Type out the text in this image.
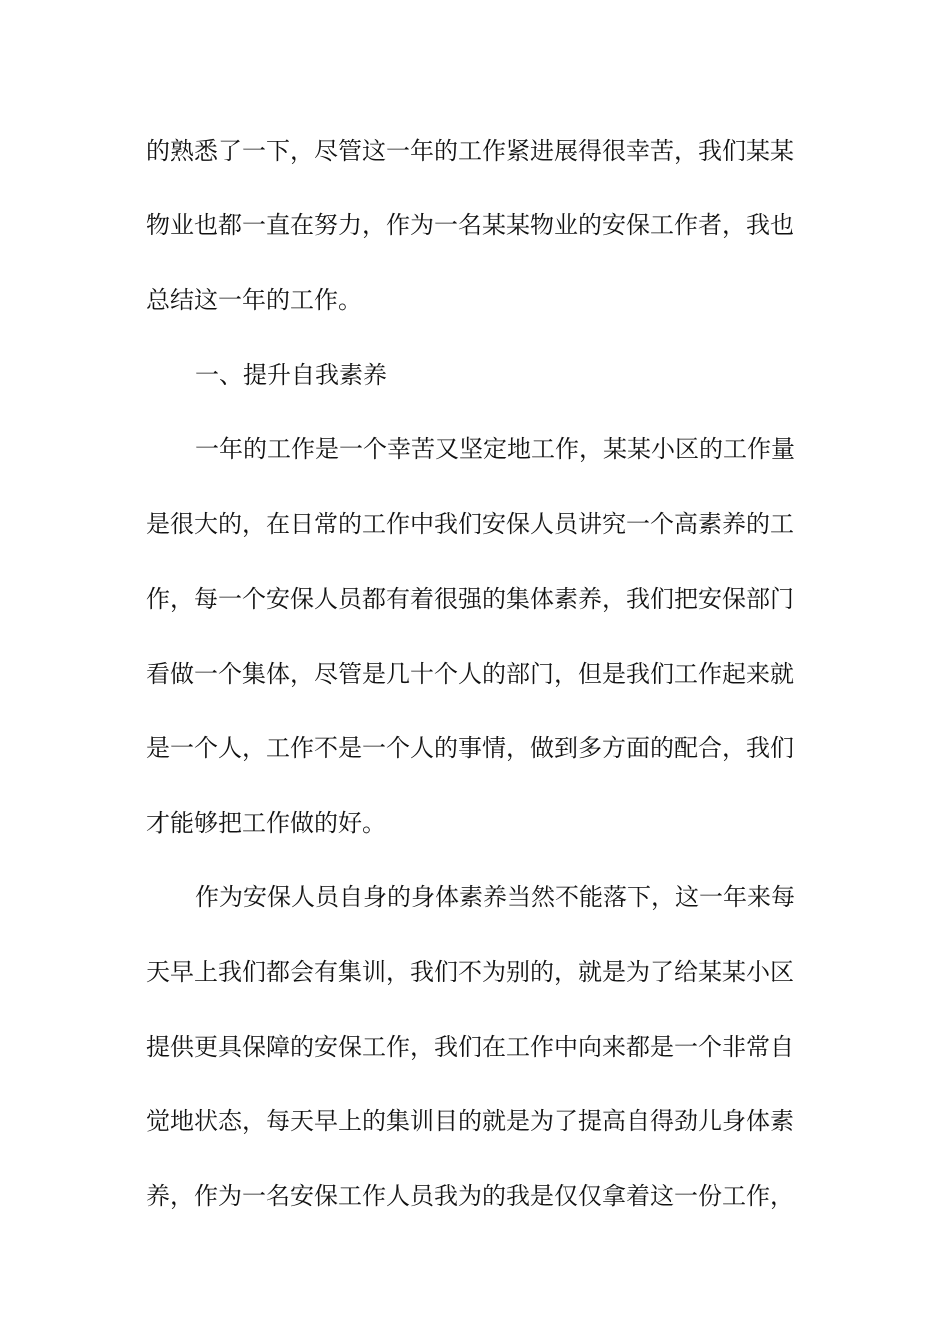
的熟悉了一下，尽管这一年的工作紧进展得很幸苦，我们某某

物业也都一直在努力，作为一名某某物业的安保工作者，我也

总结这一年的工作。

一、提升自我素养

一年的工作是一个幸苦又坚定地工作，某某小区的工作量

是很大的，在日常的工作中我们安保人员讲究一个高素养的工

作，每一个安保人员都有着很强的集体素养，我们把安保部门

看做一个集体，尽管是几十个人的部门，但是我们工作起来就

是一个人，工作不是一个人的事情，做到多方面的配合，我们

才能够把工作做的好。

作为安保人员自身的身体素养当然不能落下，这一年来每

天早上我们都会有集训，我们不为别的，就是为了给某某小区

提供更具保障的安保工作，我们在工作中向来都是一个非常自

觉地状态，每天早上的集训目的就是为了提高自得劲儿身体素

养，作为一名安保工作人员我为的我是仅仅拿着这一份工作，
